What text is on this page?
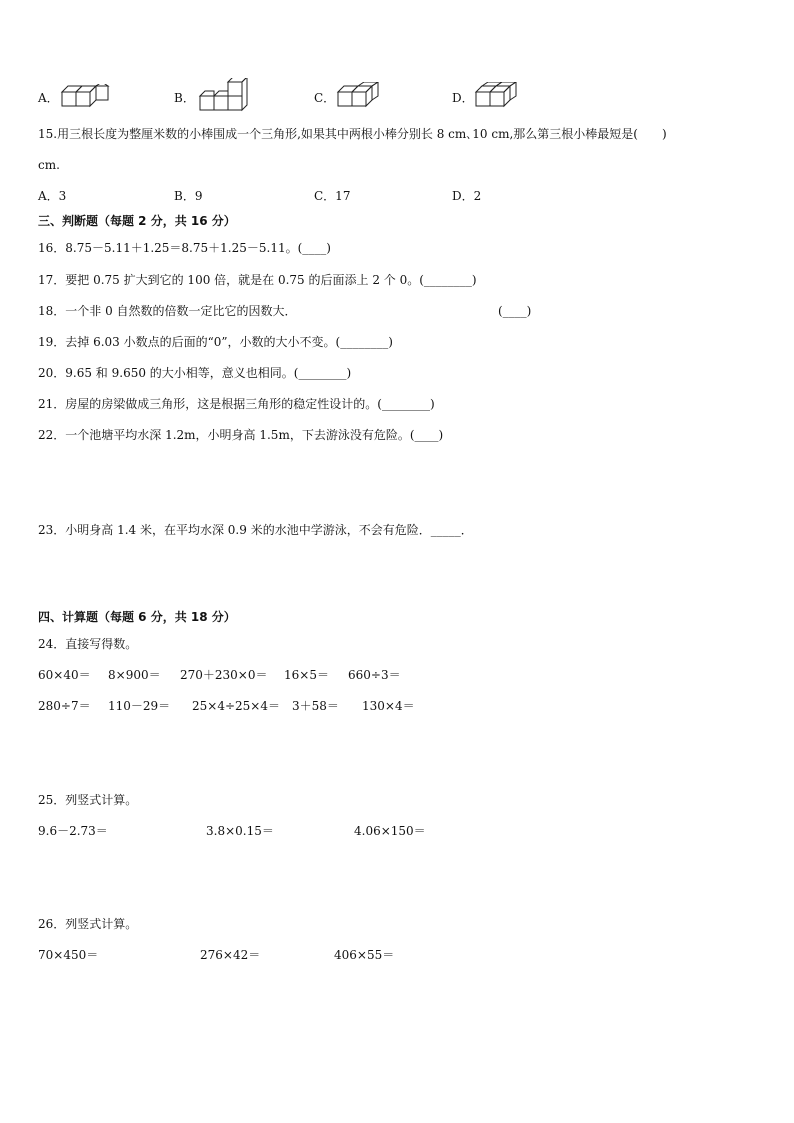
A．	B．	C．	D．
15.用三根长度为整厘米数的小棒围成一个三角形,如果其中两根小棒分别长 8 cm､10 cm,那么第三根小棒最短是(　　)
cm.
A．3	B．9	C．17	D．2
三、判断题（每题 2 分，共 16 分）
16．8.75－5.11＋1.25＝8.75＋1.25－5.11。(____)
17．要把 0.75 扩大到它的 100 倍，就是在 0.75 的后面添上 2 个 0。(________)
18．一个非 0 自然数的倍数一定比它的因数大．	(____)
19．去掉 6.03 小数点的后面的“0”，小数的大小不变。(________)
20．9.65 和 9.650 的大小相等，意义也相同。(________)
21．房屋的房梁做成三角形，这是根据三角形的稳定性设计的。(________)
22．一个池塘平均水深 1.2m，小明身高 1.5m，下去游泳没有危险。(____)
23．小明身高 1.4 米，在平均水深 0.9 米的水池中学游泳，不会有危险．_____．
四、计算题（每题 6 分，共 18 分）
24．直接写得数。
60×40＝ 8×900＝ 270＋230×0＝ 16×5＝ 660÷3＝
280÷7＝ 110－29＝ 25×4÷25×4＝ 3＋58＝ 130×4＝
25．列竖式计算。
9.6－2.73＝	3.8×0.15＝	4.06×150＝
26．列竖式计算。
70×450＝	276×42＝	406×55＝
